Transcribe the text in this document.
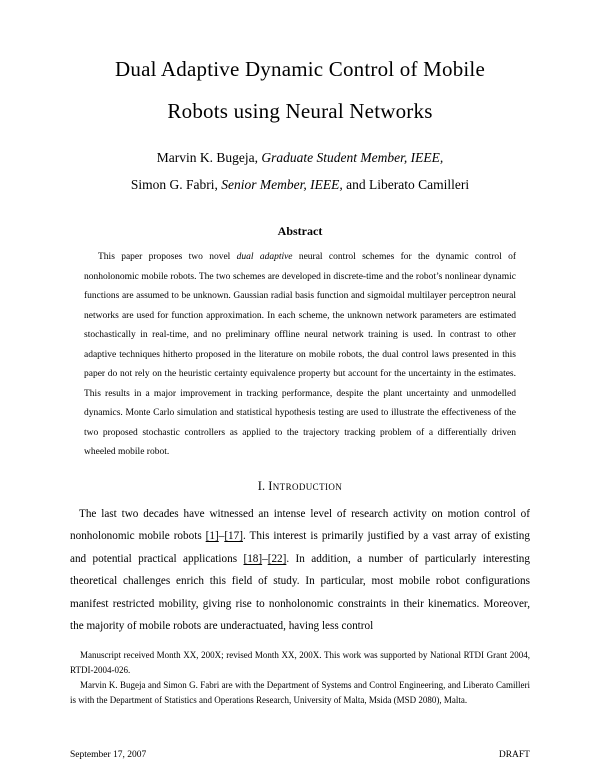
Dual Adaptive Dynamic Control of Mobile
Robots using Neural Networks
Marvin K. Bugeja, Graduate Student Member, IEEE,
Simon G. Fabri, Senior Member, IEEE, and Liberato Camilleri
Abstract

This paper proposes two novel dual adaptive neural control schemes for the dynamic control of nonholonomic mobile robots. The two schemes are developed in discrete-time and the robot’s nonlinear dynamic functions are assumed to be unknown. Gaussian radial basis function and sigmoidal multilayer perceptron neural networks are used for function approximation. In each scheme, the unknown network parameters are estimated stochastically in real-time, and no preliminary offline neural network training is used. In contrast to other adaptive techniques hitherto proposed in the literature on mobile robots, the dual control laws presented in this paper do not rely on the heuristic certainty equivalence property but account for the uncertainty in the estimates. This results in a major improvement in tracking performance, despite the plant uncertainty and unmodelled dynamics. Monte Carlo simulation and statistical hypothesis testing are used to illustrate the effectiveness of the two proposed stochastic controllers as applied to the trajectory tracking problem of a differentially driven wheeled mobile robot.

I. Introduction

The last two decades have witnessed an intense level of research activity on motion control of nonholonomic mobile robots [1]–[17]. This interest is primarily justified by a vast array of existing and potential practical applications [18]–[22]. In addition, a number of particularly interesting theoretical challenges enrich this field of study. In particular, most mobile robot configurations manifest restricted mobility, giving rise to nonholonomic constraints in their kinematics. Moreover, the majority of mobile robots are underactuated, having less control

Manuscript received Month XX, 200X; revised Month XX, 200X. This work was supported by National RTDI Grant 2004, RTDI-2004-026.

Marvin K. Bugeja and Simon G. Fabri are with the Department of Systems and Control Engineering, and Liberato Camilleri is with the Department of Statistics and Operations Research, University of Malta, Msida (MSD 2080), Malta.

September 17, 2007	DRAFT
